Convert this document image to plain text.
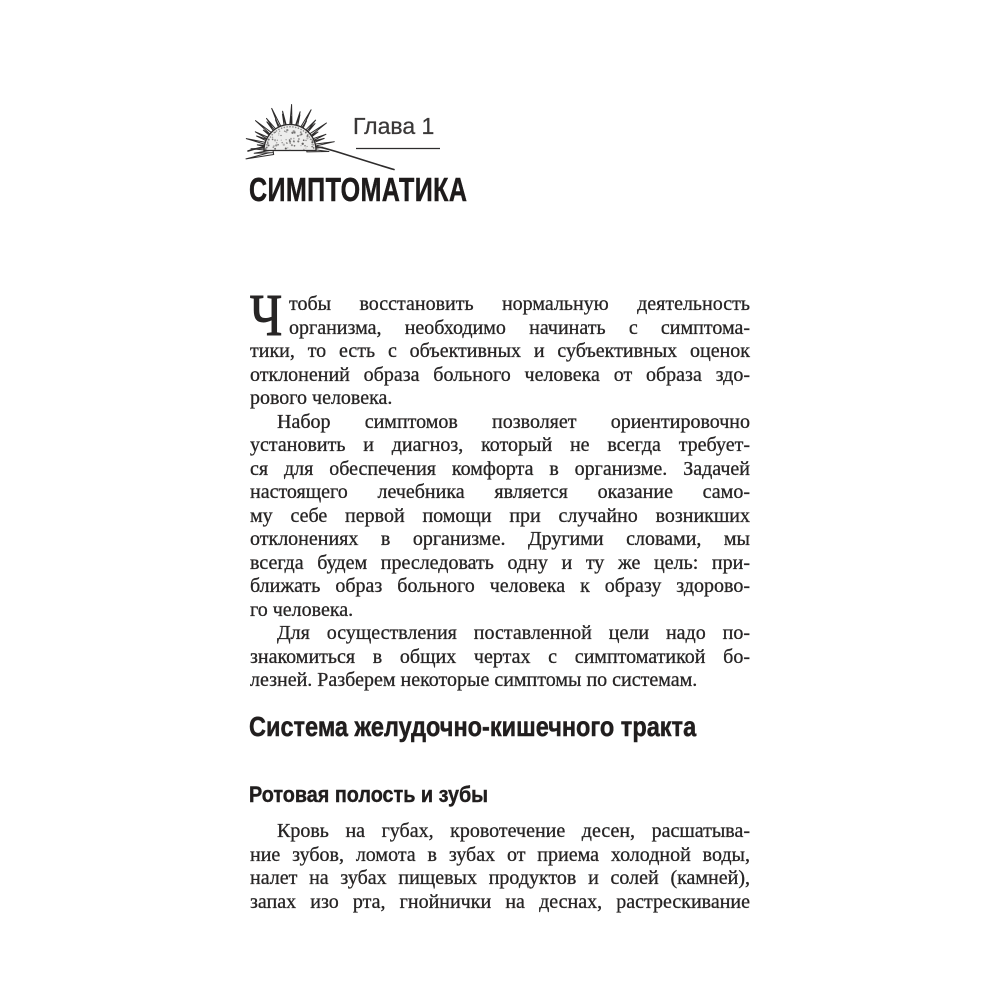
Глава 1
СИМПТОМАТИКА
Ч тобы восстановить нормальную деятельность
организма, необходимо начинать с симптома-
тики, то есть с объективных и субъективных оценок
отклонений образа больного человека от образа здо-
рового человека.
Набор симптомов позволяет ориентировочно
установить и диагноз, который не всегда требует-
ся для обеспечения комфорта в организме. Задачей
настоящего лечебника является оказание само-
му себе первой помощи при случайно возникших
отклонениях в организме. Другими словами, мы
всегда будем преследовать одну и ту же цель: при-
ближать образ больного человека к образу здорово-
го человека.
Для осуществления поставленной цели надо по-
знакомиться в общих чертах с симптоматикой бо-
лезней. Разберем некоторые симптомы по системам.
Система желудочно-кишечного тракта
Ротовая полость и зубы
Кровь на губах, кровотечение десен, расшатыва-
ние зубов, ломота в зубах от приема холодной воды,
налет на зубах пищевых продуктов и солей (камней),
запах изо рта, гнойнички на деснах, растрескивание
